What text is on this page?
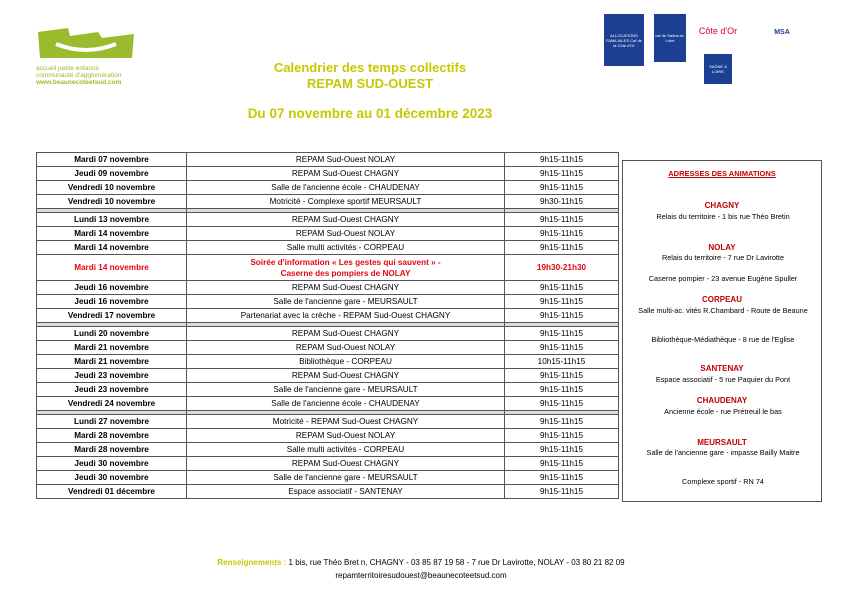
accueil petite enfance
communauté d'agglomération
www.beaunecoteetsud.com
Calendrier des temps collectifs
REPAM SUD-OUEST
Du 07 novembre au 01 décembre 2023
ALLOCATIONS FAMILIALES Caf de la Côte-d'Or
caf de Saône-et-Loire
Côte d'Or	MSA
SAÔNE & LOIRE
Mardi 07 novembre	REPAM Sud-Ouest NOLAY	9h15-11h15
Jeudi 09 novembre	REPAM Sud-Ouest CHAGNY	9h15-11h15
Vendredi 10 novembre	Salle de l'ancienne école - CHAUDENAY	9h15-11h15
Vendredi 10 novembre	Motricité - Complexe sportif MEURSAULT	9h30-11h15

Lundi 13 novembre	REPAM Sud-Ouest CHAGNY	9h15-11h15
Mardi 14 novembre	REPAM Sud-Ouest NOLAY	9h15-11h15
Mardi 14 novembre	Salle multi activités - CORPEAU	9h15-11h15
Mardi 14 novembre	Soirée d'information « Les gestes qui sauvent » -
Caserne des pompiers de NOLAY	19h30-21h30
Jeudi 16 novembre	REPAM Sud-Ouest CHAGNY	9h15-11h15
Jeudi 16 novembre	Salle de l'ancienne gare - MEURSAULT	9h15-11h15
Vendredi 17 novembre	Partenariat avec la crèche - REPAM Sud-Ouest CHAGNY	9h15-11h15

Lundi 20 novembre	REPAM Sud-Ouest CHAGNY	9h15-11h15
Mardi 21 novembre	REPAM Sud-Ouest NOLAY	9h15-11h15
Mardi 21 novembre	Bibliothèque - CORPEAU	10h15-11h15
Jeudi 23 novembre	REPAM Sud-Ouest CHAGNY	9h15-11h15
Jeudi 23 novembre	Salle de l'ancienne gare - MEURSAULT	9h15-11h15
Vendredi 24 novembre	Salle de l'ancienne école - CHAUDENAY	9h15-11h15

Lundi 27 novembre	Motricité - REPAM Sud-Ouest CHAGNY	9h15-11h15
Mardi 28 novembre	REPAM Sud-Ouest NOLAY	9h15-11h15
Mardi 28 novembre	Salle multi activités - CORPEAU	9h15-11h15
Jeudi 30 novembre	REPAM Sud-Ouest CHAGNY	9h15-11h15
Jeudi 30 novembre	Salle de l'ancienne gare - MEURSAULT	9h15-11h15
Vendredi 01 décembre	Espace associatif - SANTENAY	9h15-11h15
ADRESSES DES ANIMATIONS
CHAGNY
Relais du territoire - 1 bis rue Théo Bretin
NOLAY
Relais du territoire - 7 rue Dr Lavirotte
Caserne pompier - 23 avenue Eugène Spuller
CORPEAU
Salle multi-ac. vités R.Chambard - Route de Beaune
Bibliothèque-Médiathèque - 8 rue de l'Eglise
SANTENAY
Espace associatif - 5 rue Paquier du Pont
CHAUDENAY
Ancienne école - rue Prétreuil le bas
MEURSAULT
Salle de l'ancienne gare - impasse Bailly Maitre
Complexe sportif - RN 74
Renseignements : 1 bis, rue Théo Bret n, CHAGNY - 03 85 87 19 58 - 7 rue Dr Lavirotte, NOLAY - 03 80 21 82 09
repamterritoiresudouest@beaunecoteetsud.com
